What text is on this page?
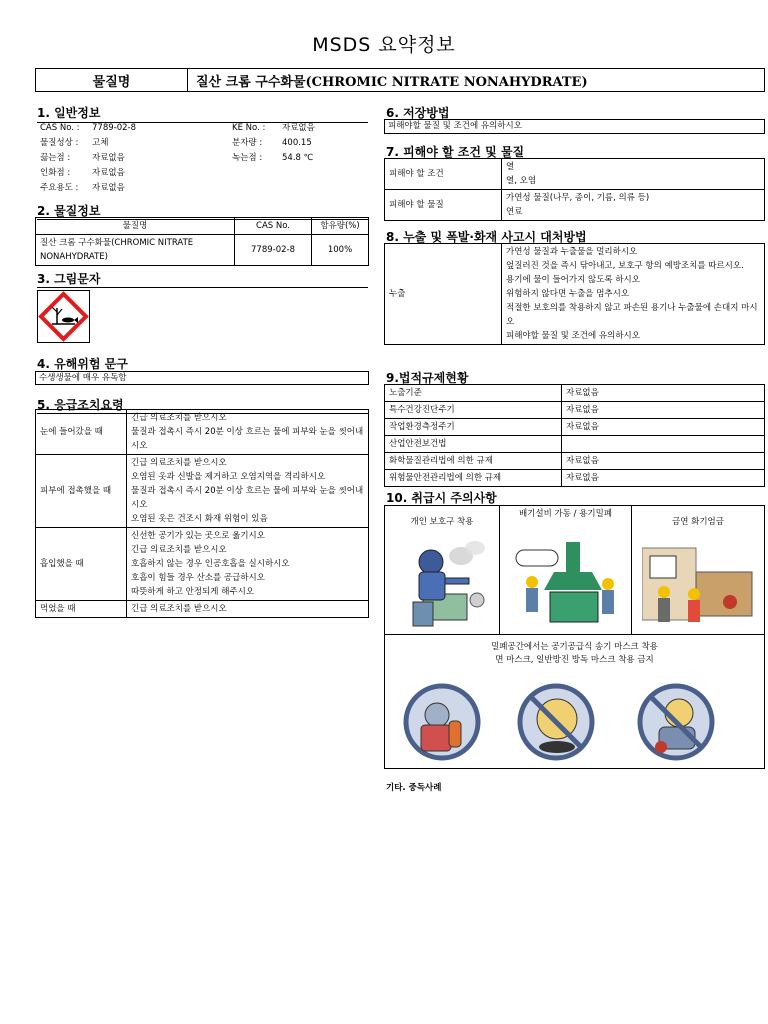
MSDS 요약정보
물질명	질산 크롬 구수화물(CHROMIC NITRATE NONAHYDRATE)
1. 일반정보
CAS No. : 7789-02-8	KE No. : 자료없음
물질성상 : 고체	분자량 : 400.15
끓는점 :	자료없음	녹는점 : 54.8 ℃
인화점 :	자료없음
주요용도 : 자료없음
2. 물질정보
물질명	CAS No.	함유량(%)
질산 크롬 구수화물(CHROMIC NITRATE NONAHYDRATE)	7789-02-8	100%
3. 그림문자
4. 유해위험 문구
수생생물에 매우 유독함
5. 응급조치요령
눈에 들어갔을 때	긴급 의료조치를 받으시오
물질과 접촉시 즉시 20분 이상 흐르는 물에 피부와 눈을 씻어내시오

피부에 접촉했을 때	긴급 의료조치를 받으시오
오염된 옷과 신발을 제거하고 오염지역을 격리하시오
물질과 접촉시 즉시 20분 이상 흐르는 물에 피부와 눈을 씻어내시오
오염된 옷은 건조시 화재 위험이 있음

흡입했을 때	신선한 공기가 있는 곳으로 옮기시오
긴급 의료조치를 받으시오
호흡하지 않는 경우 인공호흡을 실시하시오
호흡이 힘들 경우 산소를 공급하시오
따뜻하게 하고 안정되게 해주시오

먹었을 때	긴급 의료조치를 받으시오
6. 저장방법
피해야할 물질 및 조건에 유의하시오
7. 피해야 할 조건 및 물질
피해야 할 조건	열
열, 오염

피해야 할 물질	가연성 물질(나무, 종이, 기름, 의류 등)
연료
8. 누출 및 폭발·화재 사고시 대처방법
누출	
가연성 물질과 누출물을 멀리하시오
엎질러진 것을 즉시 닦아내고, 보호구 항의 예방조치를 따르시오.
용기에 물이 들어가지 않도록 하시오
위험하지 않다면 누출을 멈추시오
적절한 보호의를 착용하지 않고 파손된 용기나 누출물에 손대지 마시오
피해야할 물질 및 조건에 유의하시오
9.법적규제현황
노출기준	자료없음
특수건강진단주기	자료없음
작업환경측정주기	자료없음
산업안전보건법	
화학물질관리법에 의한 규제	자료없음
위험물안전관리법에 의한 규제	자료없음
10. 취급시 주의사항
개인 보호구 착용
배기설비 가동 / 용기밀폐
금연 화기엄금
밀폐공간에서는 공기공급식 송기 마스크 착용
면 마스크, 일반방진 방독 마스크 착용 금지
기타. 중독사례
